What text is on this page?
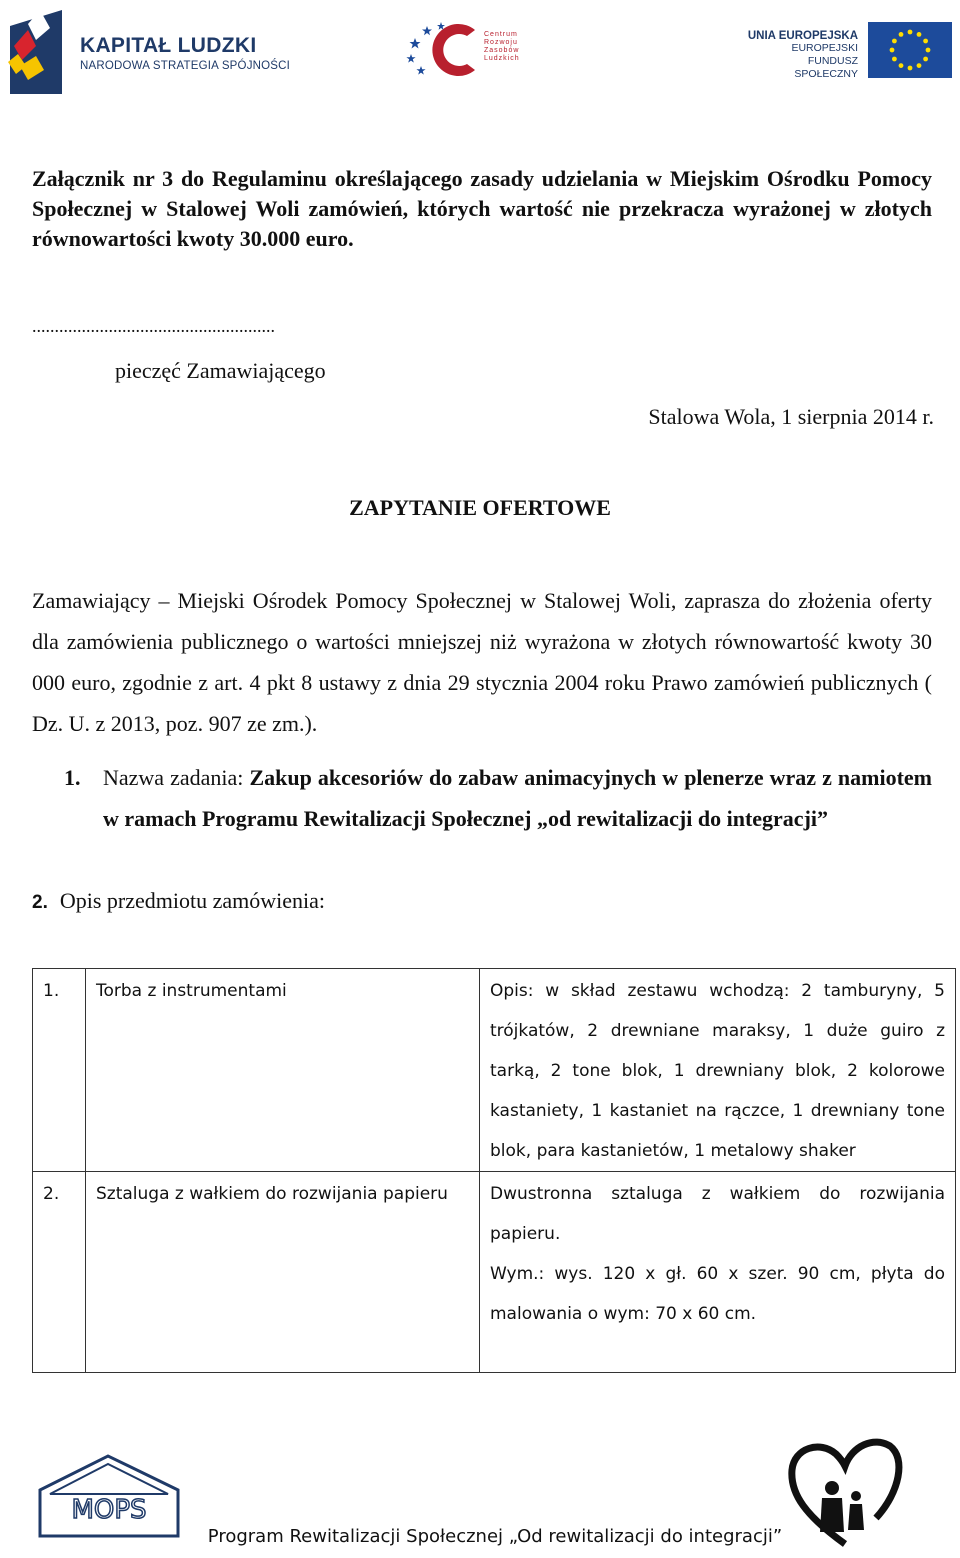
KAPITAŁ LUDZKI
NARODOWA STRATEGIA SPÓJNOŚCI
Centrum
Rozwoju
Zasobów
Ludzkich
UNIA EUROPEJSKA
EUROPEJSKI
FUNDUSZ SPOŁECZNY
Załącznik nr 3 do Regulaminu określającego zasady udzielania w Miejskim Ośrodku Pomocy Społecznej w Stalowej Woli zamówień, których wartość nie przekracza wyrażonej w złotych równowartości kwoty 30.000 euro.
......................................................
pieczęć Zamawiającego
Stalowa Wola, 1 sierpnia 2014 r.
ZAPYTANIE OFERTOWE
Zamawiający – Miejski Ośrodek Pomocy Społecznej w Stalowej Woli, zaprasza do złożenia oferty dla zamówienia publicznego o wartości mniejszej niż wyrażona w złotych równowartość kwoty 30 000 euro, zgodnie z art. 4 pkt 8 ustawy z dnia 29 stycznia 2004 roku Prawo zamówień publicznych ( Dz. U. z 2013, poz. 907 ze zm.).
1. Nazwa zadania: Zakup akcesoriów do zabaw animacyjnych w plenerze wraz z namiotem w ramach Programu Rewitalizacji Społecznej „od rewitalizacji do integracji”
2. Opis przedmiotu zamówienia:
1.	Torba z instrumentami	Opis: w skład zestawu wchodzą: 2 tamburyny, 5 trójkatów, 2 drewniane maraksy, 1 duże guiro z tarką, 2 tone blok, 1 drewniany blok, 2 kolorowe kastaniety, 1 kastaniet na rączce, 1 drewniany tone blok, para kastanietów, 1 metalowy shaker
2.	Sztaluga z wałkiem do rozwijania papieru	Dwustronna sztaluga z wałkiem do rozwijania papieru.
Wym.: wys. 120 x gł. 60 x szer. 90 cm, płyta do malowania o wym: 70 x 60 cm.
MOPS
Program Rewitalizacji Społecznej „Od rewitalizacji do integracji”
